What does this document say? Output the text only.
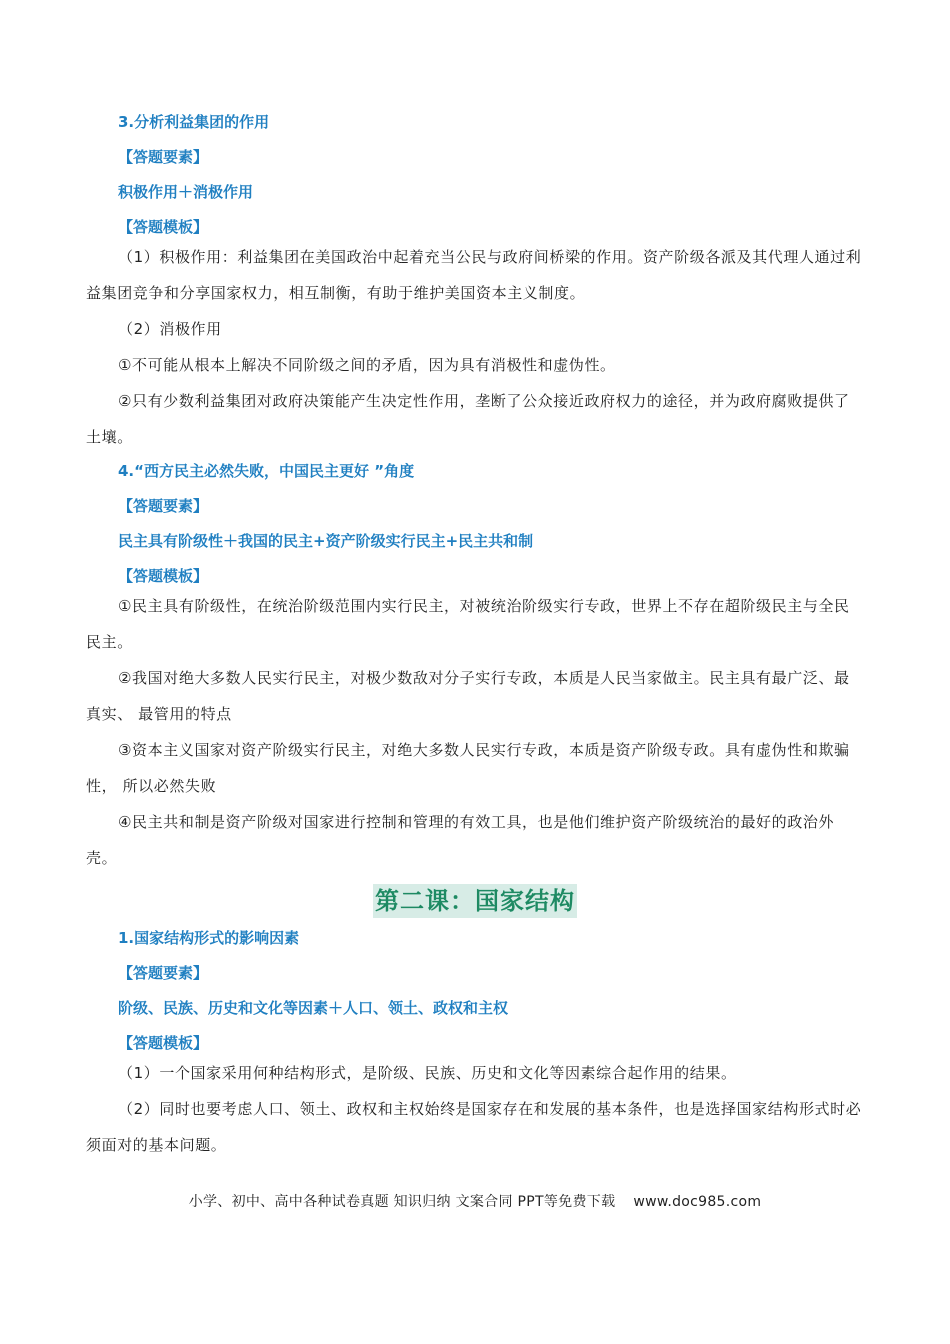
3.分析利益集团的作用
【答题要素】
积极作用＋消极作用
【答题模板】

（1）积极作用：利益集团在美国政治中起着充当公民与政府间桥梁的作用。资产阶级各派及其代理人通过利益集团竞争和分享国家权力，相互制衡，有助于维护美国资本主义制度。

（2）消极作用

①不可能从根本上解决不同阶级之间的矛盾，因为具有消极性和虚伪性。

②只有少数利益集团对政府决策能产生决定性作用，垄断了公众接近政府权力的途径，并为政府腐败提供了土壤。

4.“西方民主必然失败，中国民主更好 ”角度
【答题要素】
民主具有阶级性＋我国的民主+资产阶级实行民主+民主共和制
【答题模板】

①民主具有阶级性，在统治阶级范围内实行民主，对被统治阶级实行专政，世界上不存在超阶级民主与全民民主。

②我国对绝大多数人民实行民主，对极少数敌对分子实行专政，本质是人民当家做主。民主具有最广泛、最真实、 最管用的特点

③资本主义国家对资产阶级实行民主，对绝大多数人民实行专政，本质是资产阶级专政。具有虚伪性和欺骗性， 所以必然失败

④民主共和制是资产阶级对国家进行控制和管理的有效工具，也是他们维护资产阶级统治的最好的政治外壳。

第二课：国家结构
1.国家结构形式的影响因素
【答题要素】
阶级、民族、历史和文化等因素＋人口、领土、政权和主权
【答题模板】

（1）一个国家采用何种结构形式，是阶级、民族、历史和文化等因素综合起作用的结果。

（2）同时也要考虑人口、领土、政权和主权始终是国家存在和发展的基本条件，也是选择国家结构形式时必须面对的基本问题。

小学、初中、高中各种试卷真题 知识归纳 文案合同 PPT等免费下载 www.doc985.com
